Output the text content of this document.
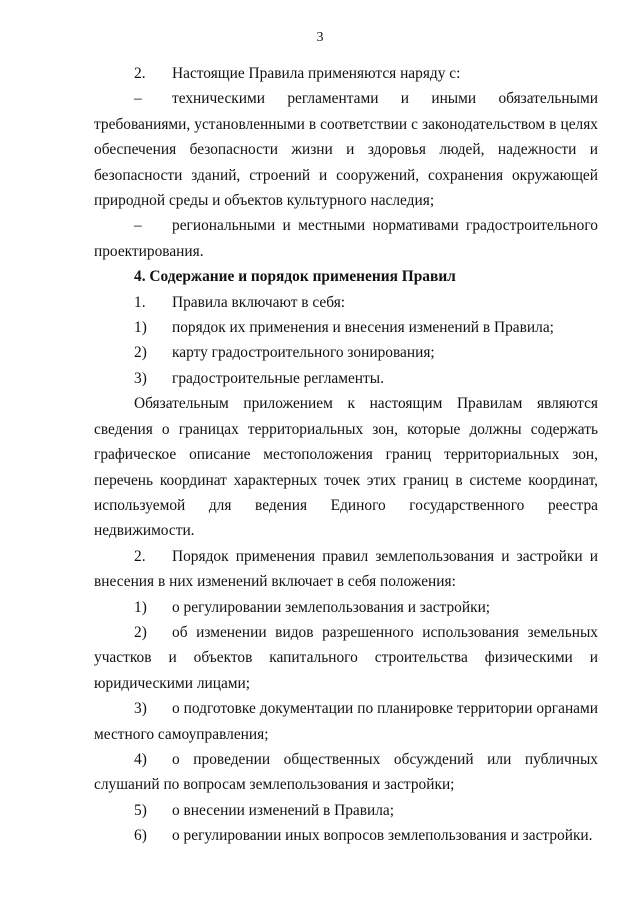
3

2. Настоящие Правила применяются наряду с:

– техническими регламентами и иными обязательными требованиями, установленными в соответствии с законодательством в целях обеспечения безопасности жизни и здоровья людей, надежности и безопасности зданий, строений и сооружений, сохранения окружающей природной среды и объектов культурного наследия;

– региональными и местными нормативами градостроительного проектирования.

4. Содержание и порядок применения Правил

1. Правила включают в себя:

1) порядок их применения и внесения изменений в Правила;

2) карту градостроительного зонирования;

3) градостроительные регламенты.

Обязательным приложением к настоящим Правилам являются сведения о границах территориальных зон, которые должны содержать графическое описание местоположения границ территориальных зон, перечень координат характерных точек этих границ в системе координат, используемой для ведения Единого государственного реестра недвижимости.

2. Порядок применения правил землепользования и застройки и внесения в них изменений включает в себя положения:

1) о регулировании землепользования и застройки;

2) об изменении видов разрешенного использования земельных участков и объектов капитального строительства физическими и юридическими лицами;

3) о подготовке документации по планировке территории органами местного самоуправления;

4) о проведении общественных обсуждений или публичных слушаний по вопросам землепользования и застройки;

5) о внесении изменений в Правила;

6) о регулировании иных вопросов землепользования и застройки.
